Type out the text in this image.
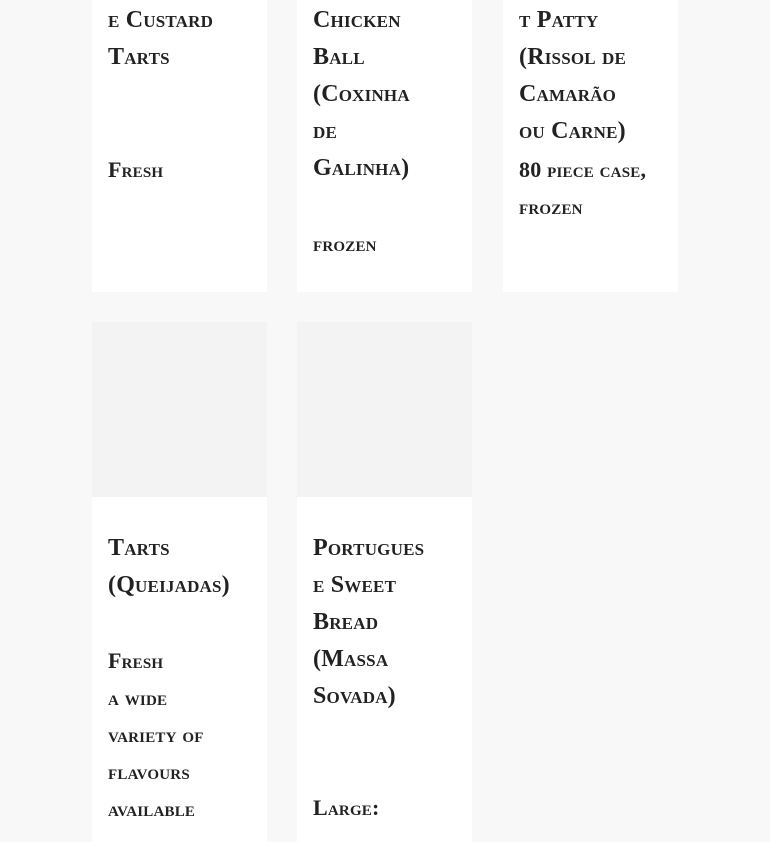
e Custard
Tarts
Fresh
Chicken
Ball
(Coxinha
de
Galinha)
frozen
t Patty
(Rissol de
Camarão
ou Carne)
80 piece case,
frozen
Tarts
(Queijadas)
Fresh
a wide
variety of
flavours
available
Portugues
e Sweet
Bread
(Massa
Sovada)
Large:
